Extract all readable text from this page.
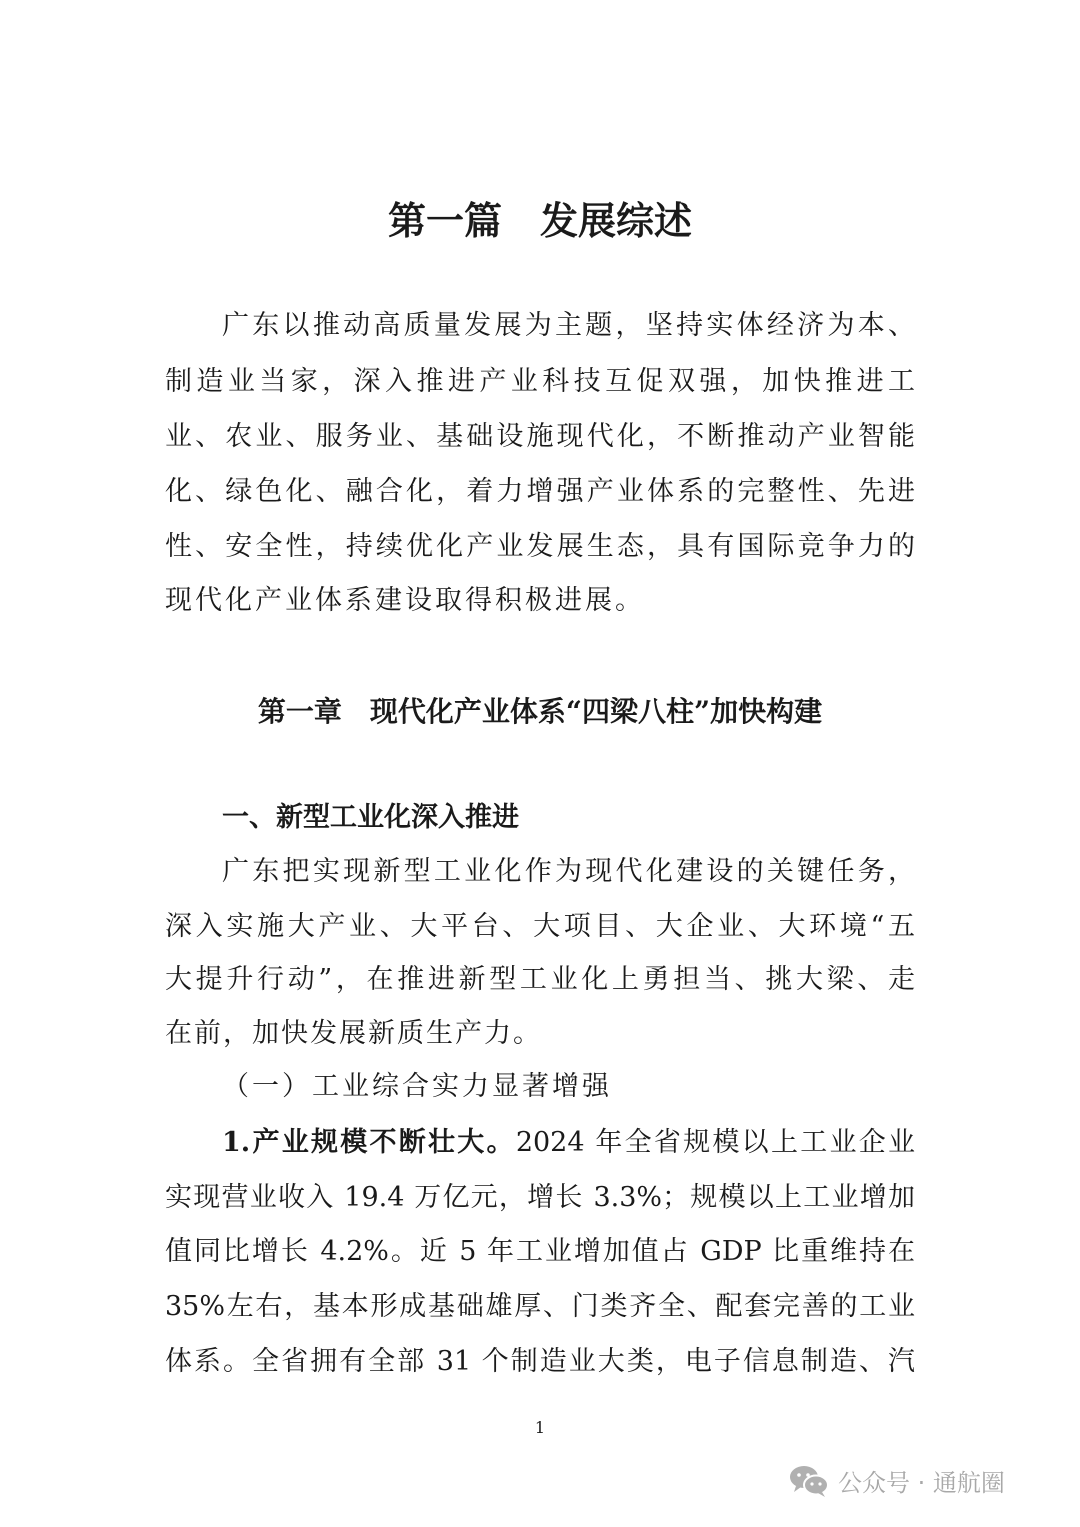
第一篇　发展综述
广东以推动高质量发展为主题，坚持实体经济为本、
制造业当家，深入推进产业科技互促双强，加快推进工
业、农业、服务业、基础设施现代化，不断推动产业智能
化、绿色化、融合化，着力增强产业体系的完整性、先进
性、安全性，持续优化产业发展生态，具有国际竞争力的
现代化产业体系建设取得积极进展。
第一章　现代化产业体系“四梁八柱”加快构建
一、新型工业化深入推进
广东把实现新型工业化作为现代化建设的关键任务，
深入实施大产业、大平台、大项目、大企业、大环境“五
大提升行动”，在推进新型工业化上勇担当、挑大梁、走
在前，加快发展新质生产力。
（一）工业综合实力显著增强
1.产业规模不断壮大。2024 年全省规模以上工业企业
实现营业收入 19.4 万亿元，增长 3.3%；规模以上工业增加
值同比增长 4.2%。近 5 年工业增加值占 GDP 比重维持在
35%左右，基本形成基础雄厚、门类齐全、配套完善的工业
体系。全省拥有全部 31 个制造业大类，电子信息制造、汽
1
公众号 · 通航圈
